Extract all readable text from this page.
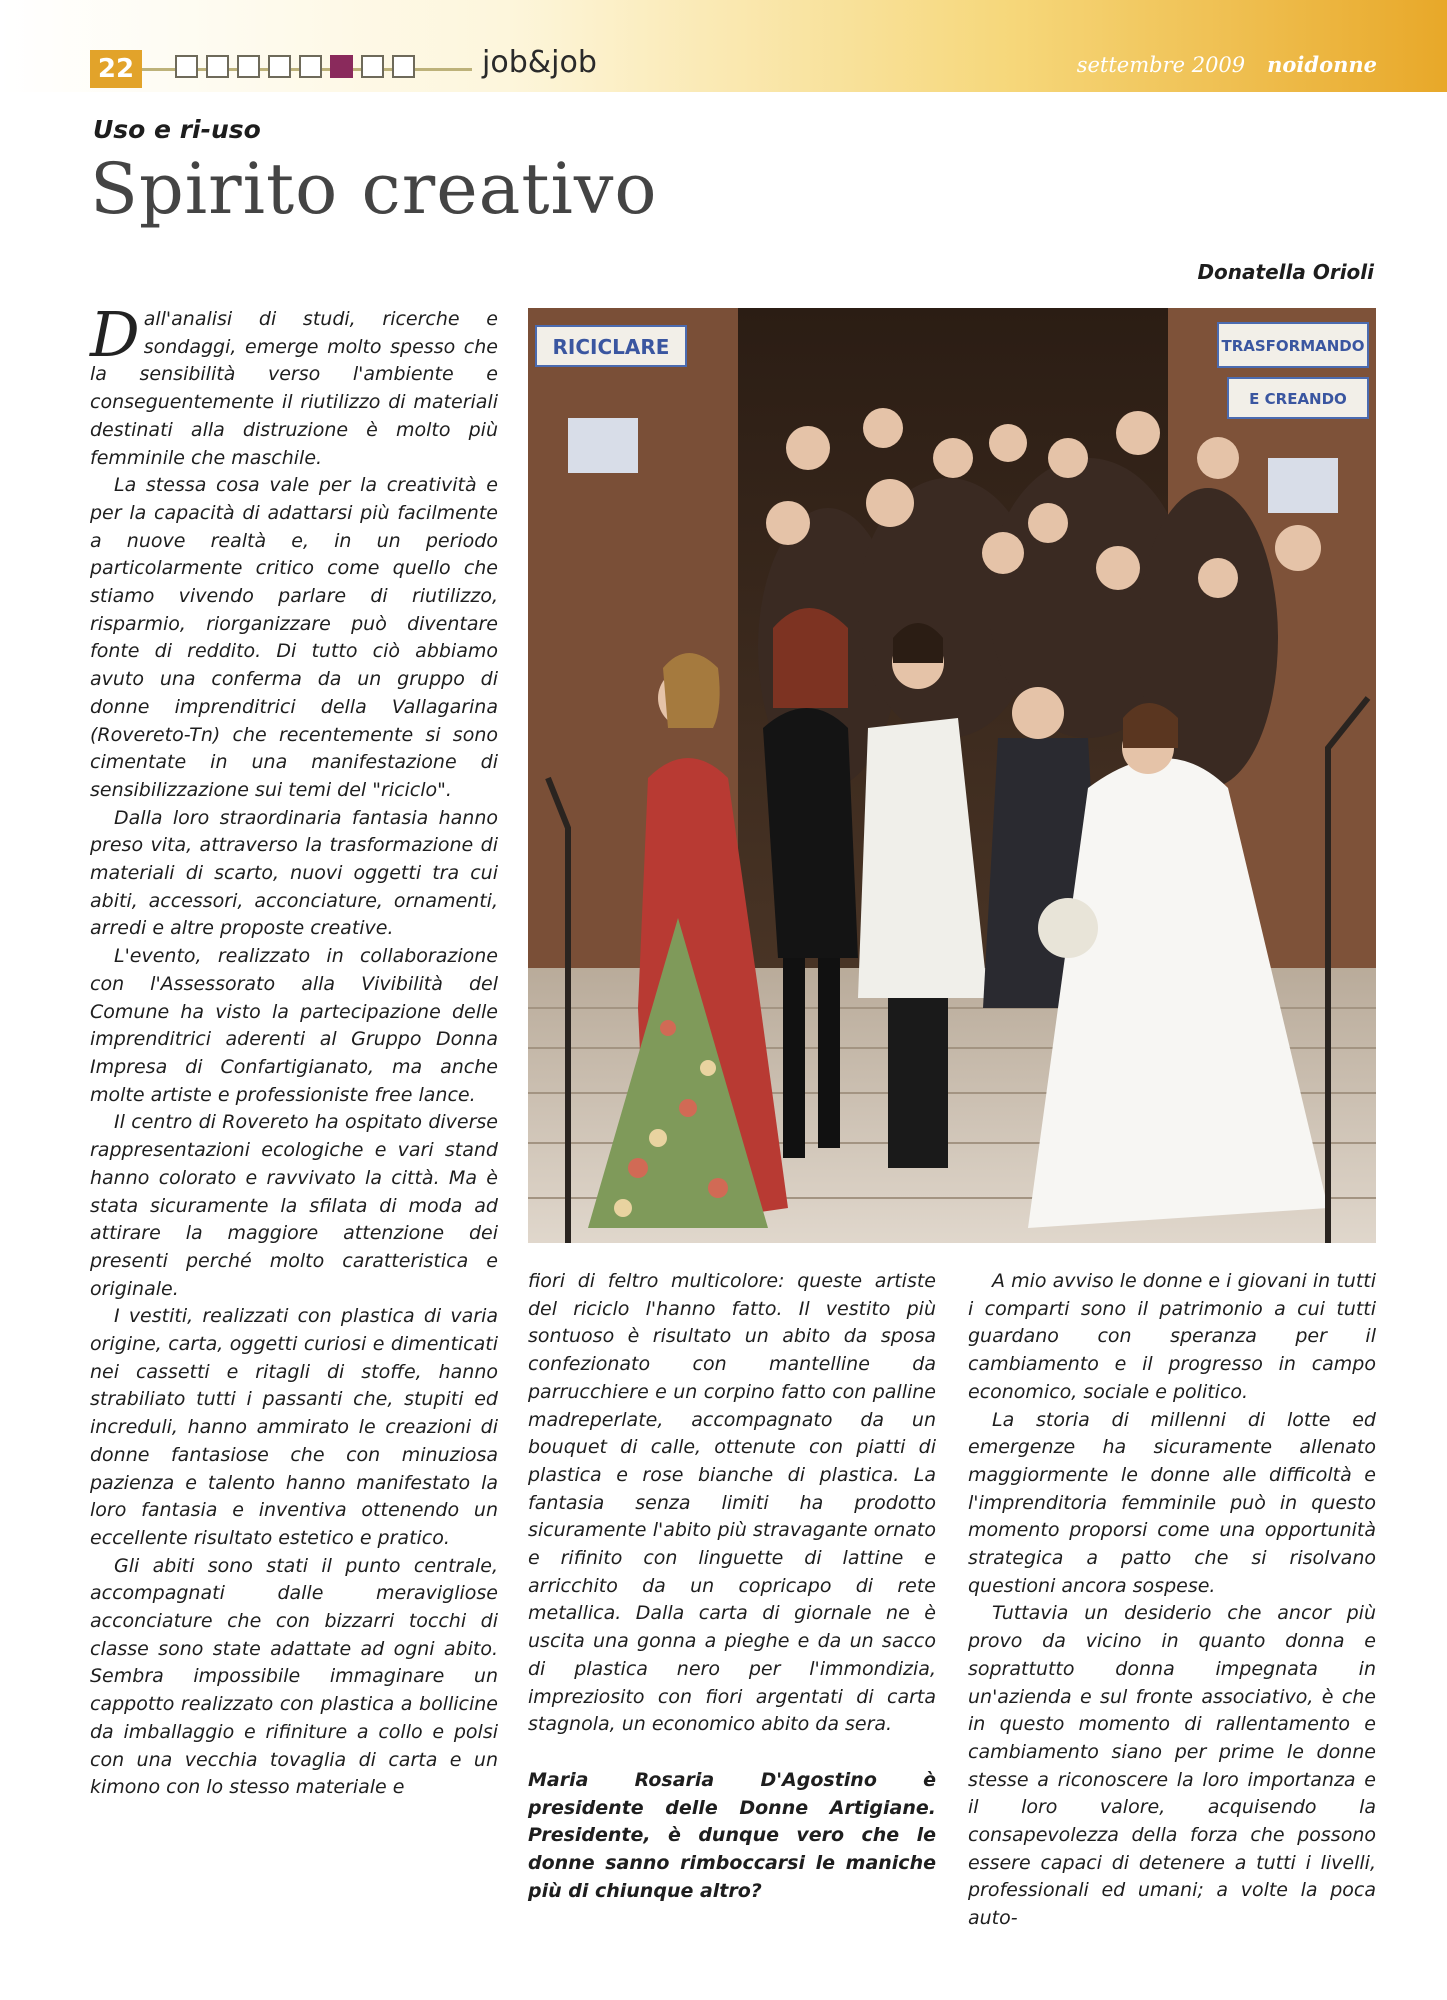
22	job&job	settembre 2009 noidonne
Uso e ri-uso
Spirito creativo
Donatella Orioli

Dall'analisi di studi, ricerche e sondaggi, emerge molto spesso che la sensibilità verso l'ambiente e conseguentemente il riutilizzo di materiali destinati alla distruzione è molto più femminile che maschile.

La stessa cosa vale per la creatività e per la capacità di adattarsi più facilmente a nuove realtà e, in un periodo particolarmente critico come quello che stiamo vivendo parlare di riutilizzo, risparmio, riorganizzare può diventare fonte di reddito. Di tutto ciò abbiamo avuto una conferma da un gruppo di donne imprenditrici della Vallagarina (Rovereto-Tn) che recentemente si sono cimentate in una manifestazione di sensibilizzazione sui temi del "riciclo".

Dalla loro straordinaria fantasia hanno preso vita, attraverso la trasformazione di materiali di scarto, nuovi oggetti tra cui abiti, accessori, acconciature, ornamenti, arredi e altre proposte creative.

L'evento, realizzato in collaborazione con l'Assessorato alla Vivibilità del Comune ha visto la partecipazione delle imprenditrici aderenti al Gruppo Donna Impresa di Confartigianato, ma anche molte artiste e professioniste free lance.

Il centro di Rovereto ha ospitato diverse rappresentazioni ecologiche e vari stand hanno colorato e ravvivato la città. Ma è stata sicuramente la sfilata di moda ad attirare la maggiore attenzione dei presenti perché molto caratteristica e originale.

I vestiti, realizzati con plastica di varia origine, carta, oggetti curiosi e dimenticati nei cassetti e ritagli di stoffe, hanno strabiliato tutti i passanti che, stupiti ed increduli, hanno ammirato le creazioni di donne fantasiose che con minuziosa pazienza e talento hanno manifestato la loro fantasia e inventiva ottenendo un eccellente risultato estetico e pratico.

Gli abiti sono stati il punto centrale, accompagnati dalle meravigliose acconciature che con bizzarri tocchi di classe sono state adattate ad ogni abito. Sembra impossibile immaginare un cappotto realizzato con plastica a bollicine da imballaggio e rifiniture a collo e polsi con una vecchia tovaglia di carta e un kimono con lo stesso materiale e

RICICLARE	TRASFORMANDO
E CREANDO

fiori di feltro multicolore: queste artiste del riciclo l'hanno fatto. Il vestito più sontuoso è risultato un abito da sposa confezionato con mantelline da parrucchiere e un corpino fatto con palline madreperlate, accompagnato da un bouquet di calle, ottenute con piatti di plastica e rose bianche di plastica. La fantasia senza limiti ha prodotto sicuramente l'abito più stravagante ornato e rifinito con linguette di lattine e arricchito da un copricapo di rete metallica. Dalla carta di giornale ne è uscita una gonna a pieghe e da un sacco di plastica nero per l'immondizia, impreziosito con fiori argentati di carta stagnola, un economico abito da sera.

Maria Rosaria D'Agostino è presidente delle Donne Artigiane. Presidente, è dunque vero che le donne sanno rimboccarsi le maniche più di chiunque altro?

A mio avviso le donne e i giovani in tutti i comparti sono il patrimonio a cui tutti guardano con speranza per il cambiamento e il progresso in campo economico, sociale e politico.

La storia di millenni di lotte ed emergenze ha sicuramente allenato maggiormente le donne alle difficoltà e l'imprenditoria femminile può in questo momento proporsi come una opportunità strategica a patto che si risolvano questioni ancora sospese.

Tuttavia un desiderio che ancor più provo da vicino in quanto donna e soprattutto donna impegnata in un'azienda e sul fronte associativo, è che in questo momento di rallentamento e cambiamento siano per prime le donne stesse a riconoscere la loro importanza e il loro valore, acquisendo la consapevolezza della forza che possono essere capaci di detenere a tutti i livelli, professionali ed umani; a volte la poca auto-
